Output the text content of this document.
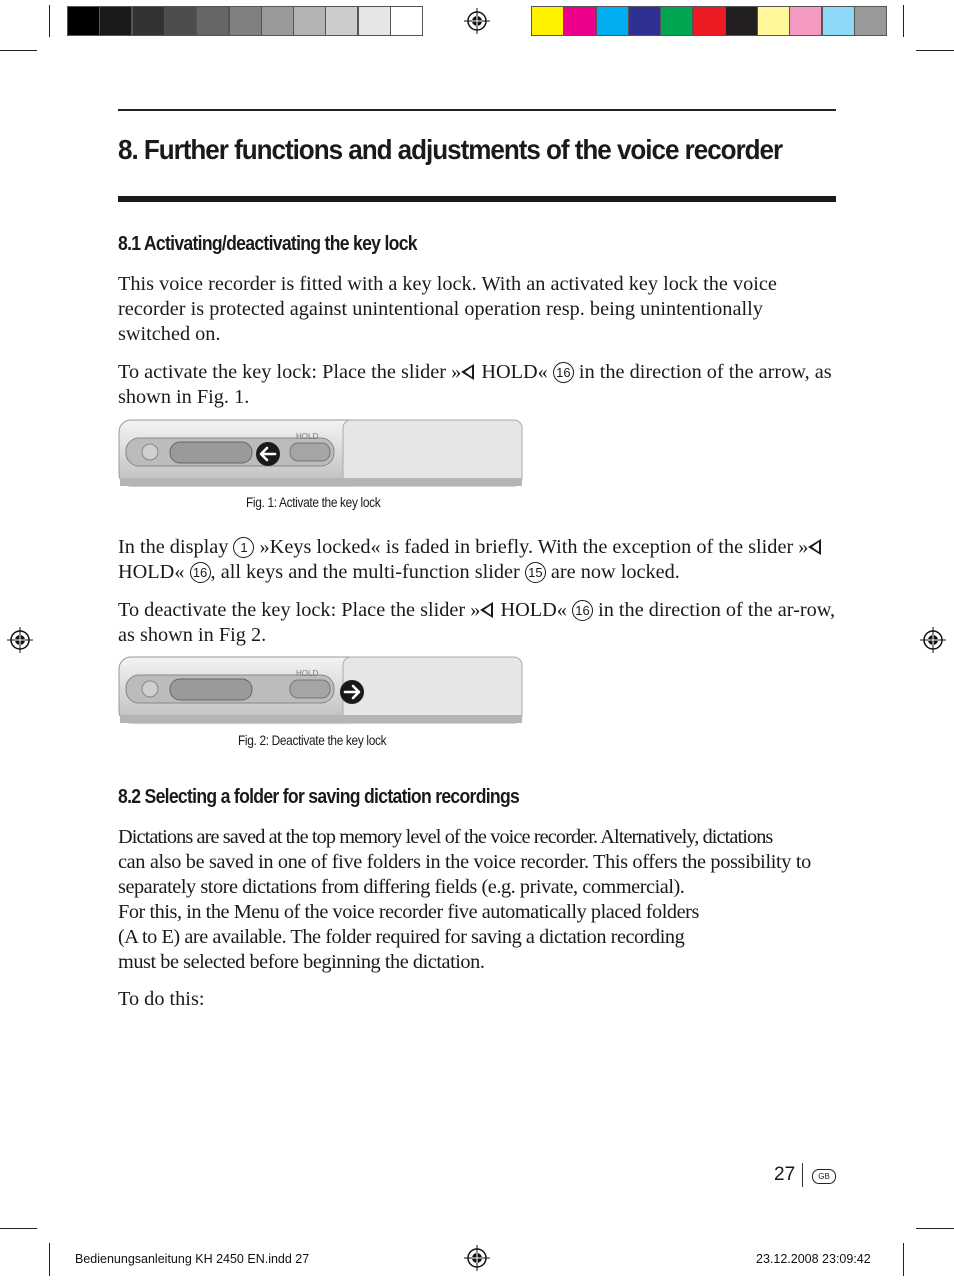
8. Further functions and adjustments of the voice recorder
8.1 Activating/deactivating the key lock

This voice recorder is fitted with a key lock. With an activated key lock the voice recorder is protected against unintentional operation resp. being unintentionally switched on.

To activate the key lock: Place the slider » HOLD« 16 in the direction of the arrow, as shown in Fig. 1.

HOLD
Fig. 1: Activate the key lock

In the display 1 »Keys locked« is faded in briefly. With the exception of the slider » HOLD« 16 , all keys and the multi-function slider 15 are now locked.

To deactivate the key lock: Place the slider » HOLD« 16 in the direction of the ar-row, as shown in Fig 2.

HOLD
Fig. 2: Deactivate the key lock
8.2 Selecting a folder for saving dictation recordings

Dictations are saved at the top memory level of the voice recorder. Alternatively, dictations
can also be saved in one of five folders in the voice recorder. This offers the possibility to
separately store dictations from differing fields (e.g. private, commercial).
For this, in the Menu of the voice recorder five automatically placed folders
(A to E) are available. The folder required for saving a dictation recording
must be selected before beginning the dictation.

To do this:

27	GB
Bedienungsanleitung KH 2450 EN.indd 27	23.12.2008 23:09:42
